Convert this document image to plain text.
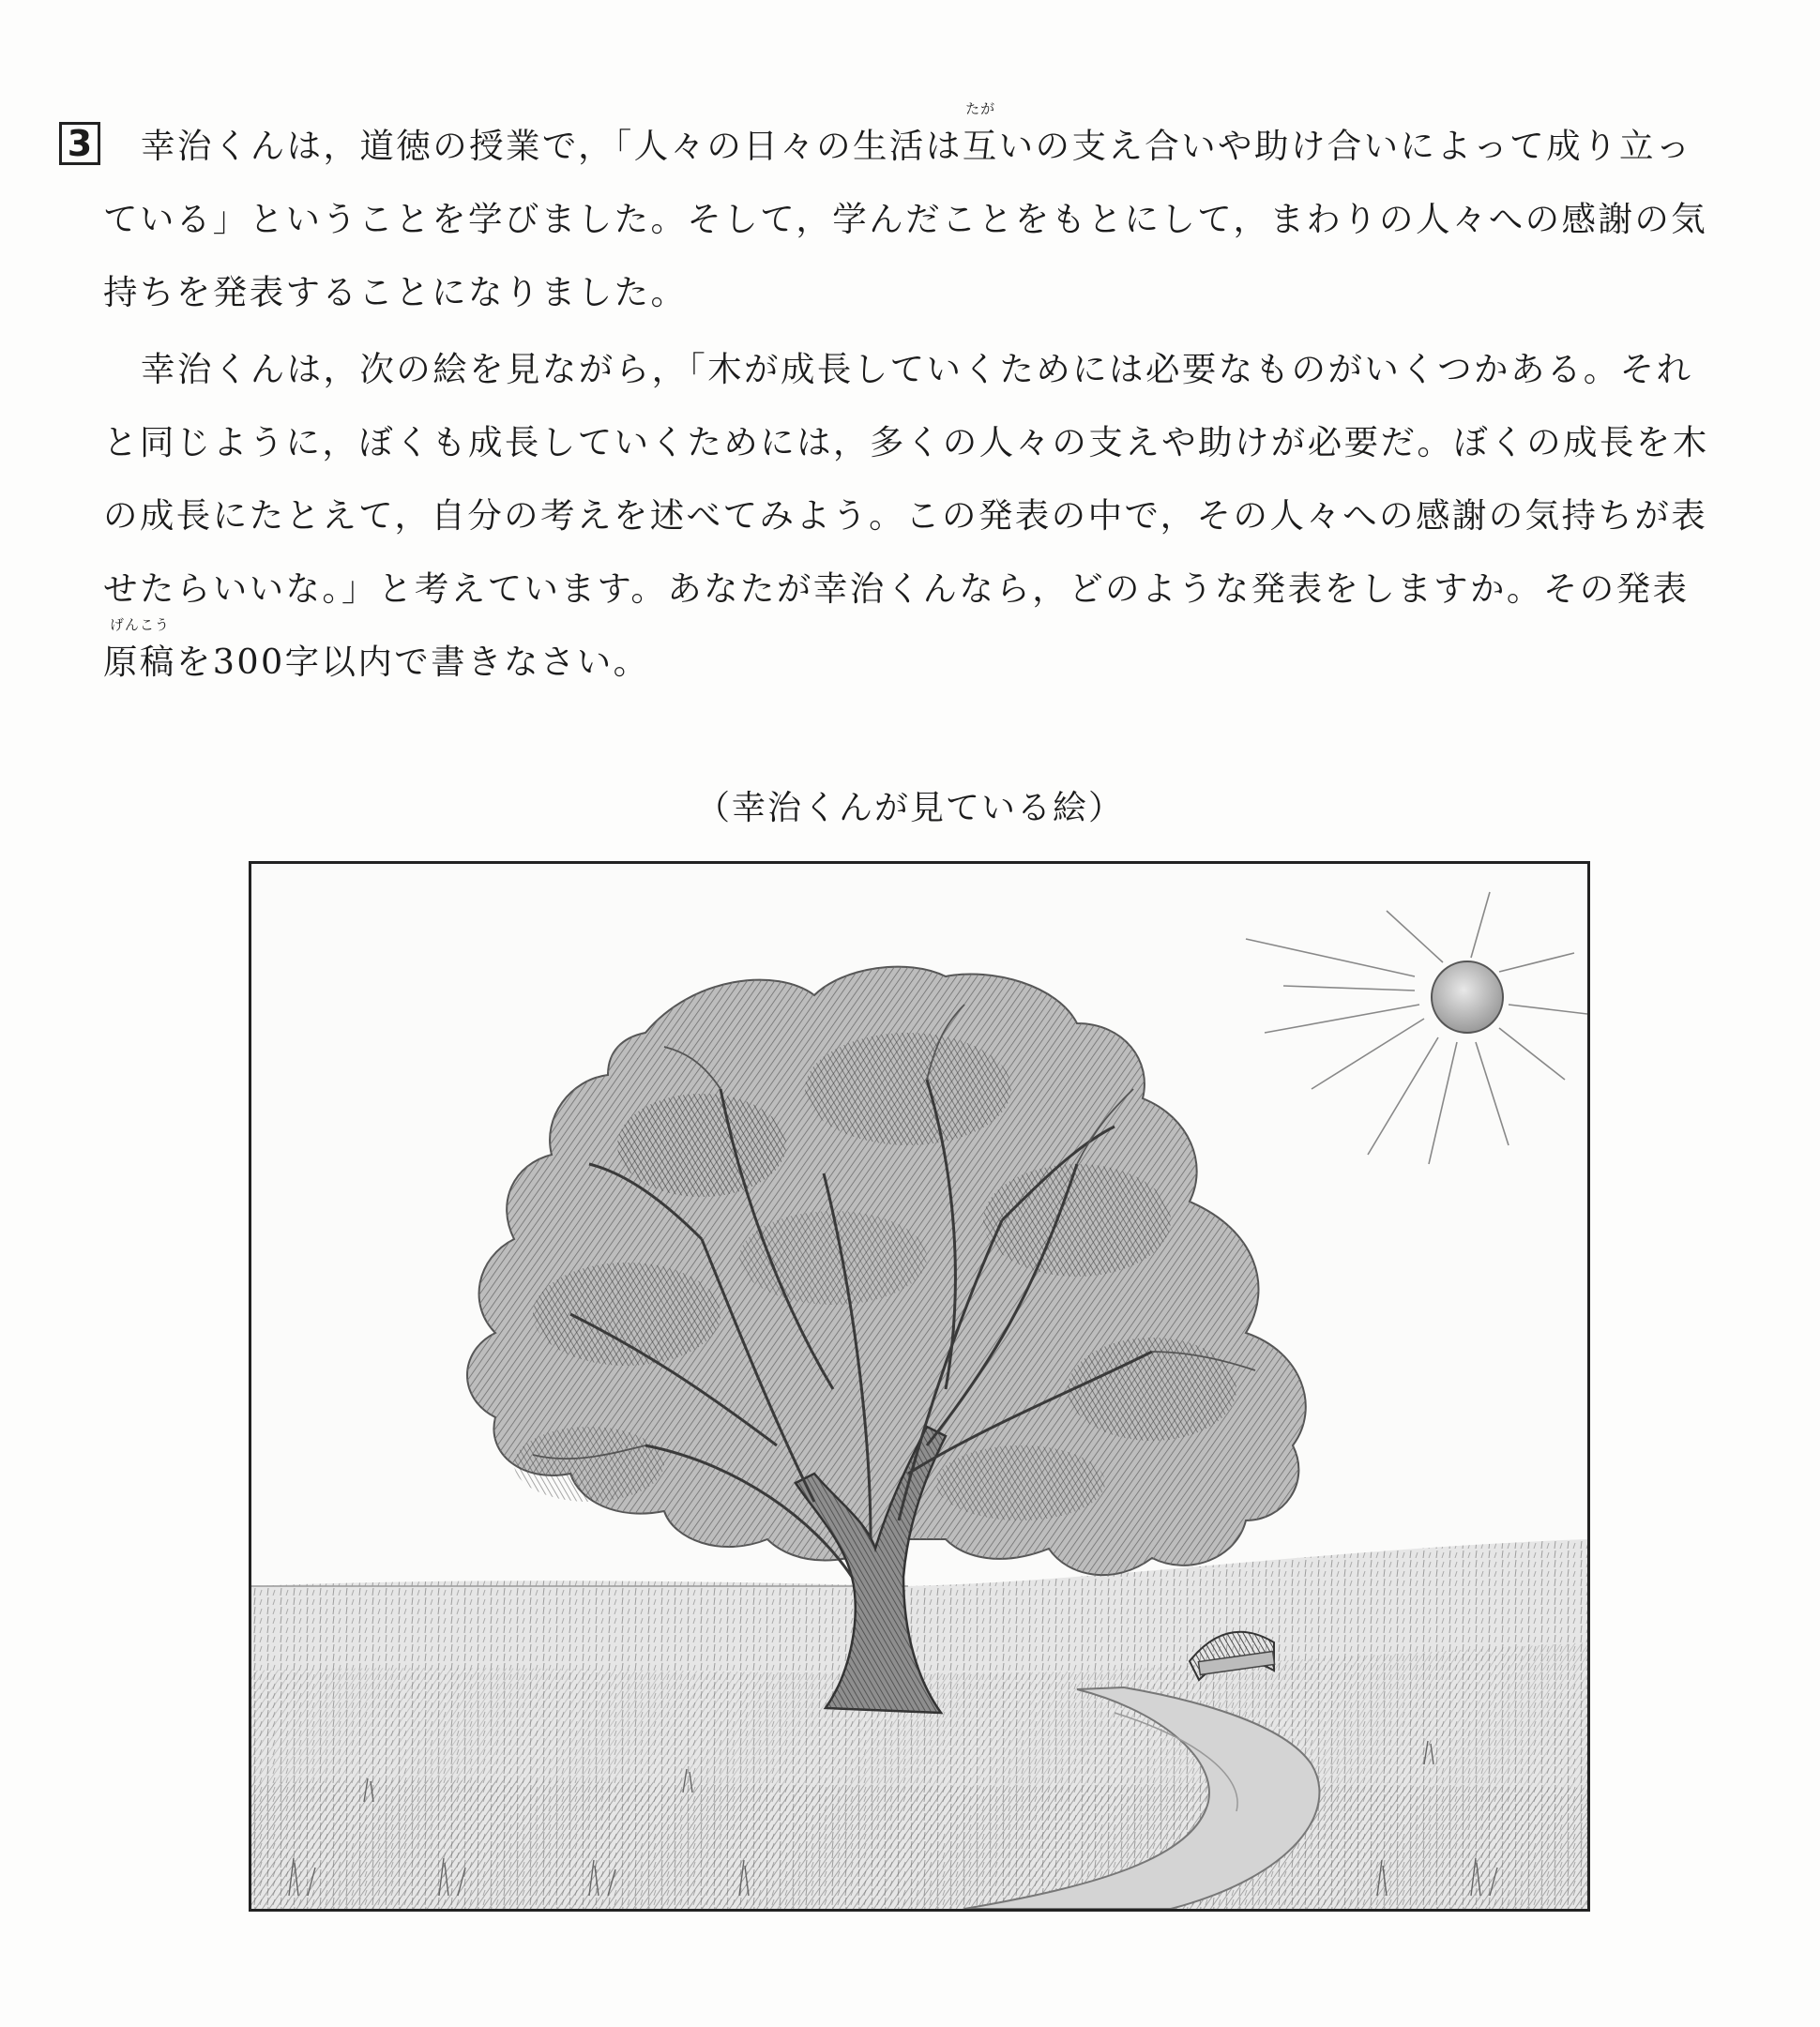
3 幸治くんは，道徳の授業で，「人々の日々の生活は
たが
互いの支え合いや助け合いによって成り立っ
ている」ということを学びました。そして，学んだことをもとにして，まわりの人々への感謝の気
持ちを発表することになりました。
幸治くんは，次の絵を見ながら，「木が成長していくためには必要なものがいくつかある。それ
と同じように，ぼくも成長していくためには，多くの人々の支えや助けが必要だ。ぼくの成長を木
の成長にたとえて，自分の考えを述べてみよう。この発表の中で，その人々への感謝の気持ちが表
せたらいいな。」と考えています。あなたが幸治くんなら，どのような発表をしますか。その発表
げんこう
原稿を300字以内で書きなさい。
（幸治くんが見ている絵）
